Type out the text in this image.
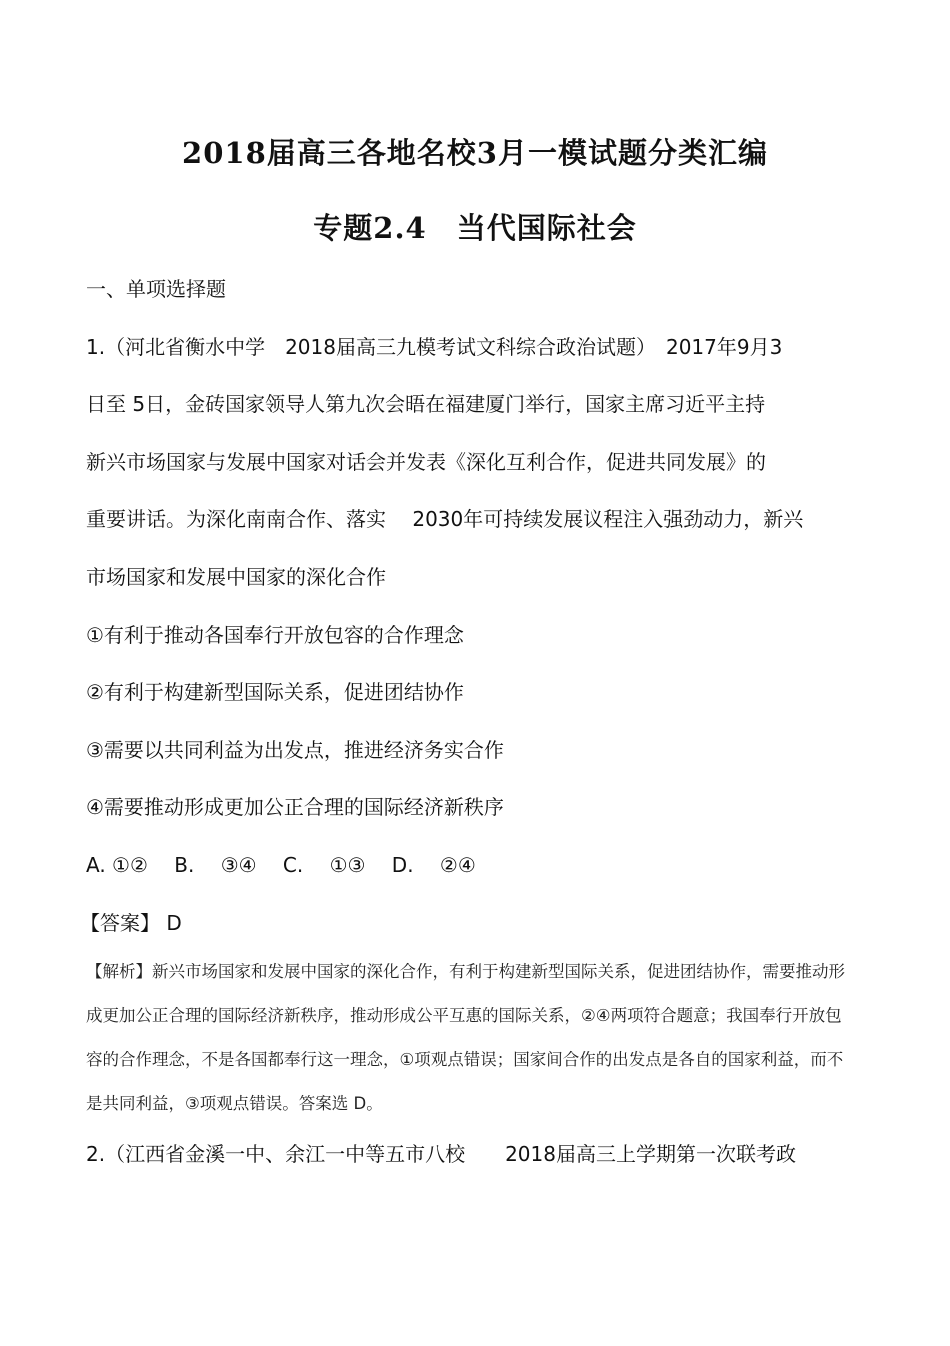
2018届高三各地名校3月一模试题分类汇编
专题2.4　当代国际社会
一、单项选择题
1.（河北省衡水中学　2018届高三九模考试文科综合政治试题）　2017年9月3
日至 5日，金砖国家领导人第九次会晤在福建厦门举行，国家主席习近平主持
新兴市场国家与发展中国家对话会并发表《深化互利合作，促进共同发展》的
重要讲话。为深化南南合作、落实　 2030年可持续发展议程注入强劲动力，新兴
市场国家和发展中国家的深化合作
①有利于推动各国奉行开放包容的合作理念
②有利于构建新型国际关系，促进团结协作
③需要以共同利益为出发点，推进经济务实合作
④需要推动形成更加公正合理的国际经济新秩序
A. ①②　 B.　 ③④　 C.　 ①③　 D.　 ②④
【答案】 D
【解析】新兴市场国家和发展中国家的深化合作，有利于构建新型国际关系，促进团结协作，需要推动形
成更加公正合理的国际经济新秩序，推动形成公平互惠的国际关系，②④两项符合题意；我国奉行开放包
容的合作理念，不是各国都奉行这一理念，①项观点错误；国家间合作的出发点是各自的国家利益，而不
是共同利益，③项观点错误。答案选 D。
2.（江西省金溪一中、余江一中等五市八校　　2018届高三上学期第一次联考政
